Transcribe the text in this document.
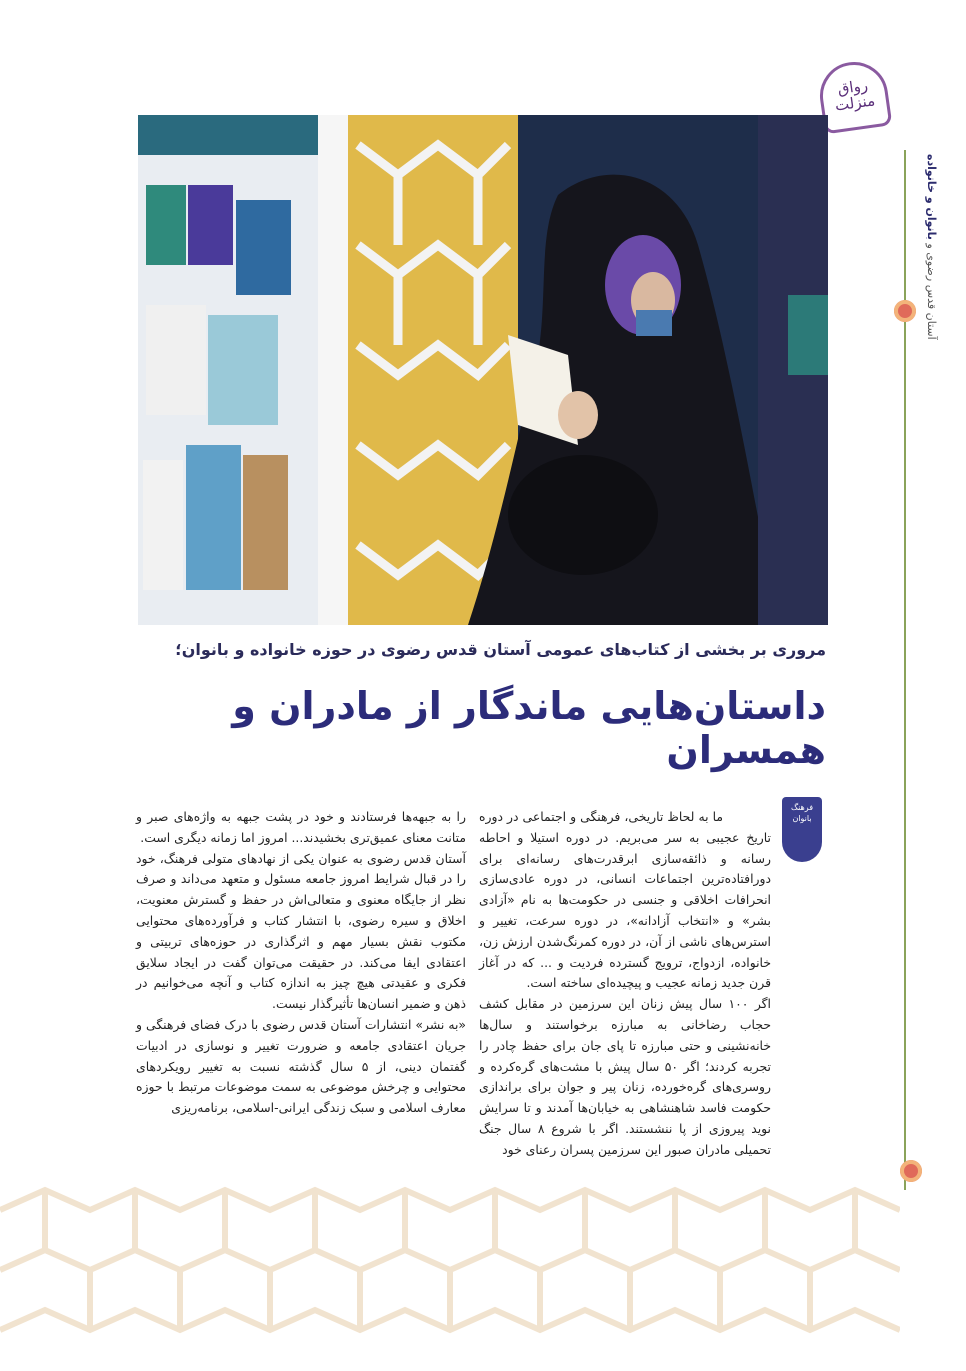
رواق منزلت
آستان قدس رضوی و بانوان و خانواده
مروری بر بخشی از کتاب‌های عمومی آستان قدس رضوی در حوزه خانواده و بانوان؛
داستان‌هایی ماندگار از مادران و همسران
فرهنگ
بانوان

ما به لحاظ تاریخی، فرهنگی و اجتماعی در دوره تاریخ عجیبی به سر می‌بریم. در دوره استیلا و احاطه رسانه و ذائقه‌سازی ابرقدرت‌های رسانه‌ای برای دورافتاده‌ترین اجتماعات انسانی، در دوره عادی‌سازی انحرافات اخلاقی و جنسی در حکومت‌ها به نام «آزادی بشر» و «انتخاب آزادانه»، در دوره سرعت، تغییر و استرس‌های ناشی از آن، در دوره کمرنگ‌شدن ارزش زن، خانواده، ازدواج، ترویج گسترده فردیت و ... که در آغاز قرن جدید زمانه عجیب و پیچیده‌ای ساخته است.

اگر ۱۰۰ سال پیش زنان این سرزمین در مقابل کشف حجاب رضاخانی به مبارزه برخواستند و سال‌ها خانه‌نشینی و حتی مبارزه تا پای جان برای حفظ چادر را تجربه کردند؛ اگر ۵۰ سال پیش با مشت‌های گره‌کرده و روسری‌های گره‌خورده، زنان پیر و جوان برای براندازی حکومت فاسد شاهنشاهی به خیابان‌ها آمدند و تا سرایش نوید پیروزی از پا ننشستند. اگر با شروع ۸ سال جنگ تحمیلی مادران صبور این سرزمین پسران رعنای خود

را به جبهه‌ها فرستادند و خود در پشت جبهه به واژه‌های صبر و متانت معنای عمیق‌تری بخشیدند... امروز اما زمانه دیگری است.

آستان قدس رضوی به عنوان یکی از نهادهای متولی فرهنگ، خود را در قبال شرایط امروز جامعه مسئول و متعهد می‌داند و صرف نظر از جایگاه معنوی و متعالی‌اش در حفظ و گسترش معنویت، اخلاق و سیره رضوی، با انتشار کتاب و فرآورده‌های محتوایی مکتوب نقش بسیار مهم و اثرگذاری در حوزه‌های تربیتی و اعتقادی ایفا می‌کند. در حقیقت می‌توان گفت در ایجاد سلایق فکری و عقیدتی هیچ چیز به اندازه کتاب و آنچه می‌خوانیم در ذهن و ضمیر انسان‌ها تأثیرگذار نیست.

«به نشر» انتشارات آستان قدس رضوی با درک فضای فرهنگی و جریان اعتقادی جامعه و ضرورت تغییر و نوسازی در ادبیات گفتمان دینی، از ۵ سال گذشته نسبت به تغییر رویکردهای محتوایی و چرخش موضوعی به سمت موضوعات مرتبط با حوزه معارف اسلامی و سبک زندگی ایرانی-اسلامی، برنامه‌ریزی
